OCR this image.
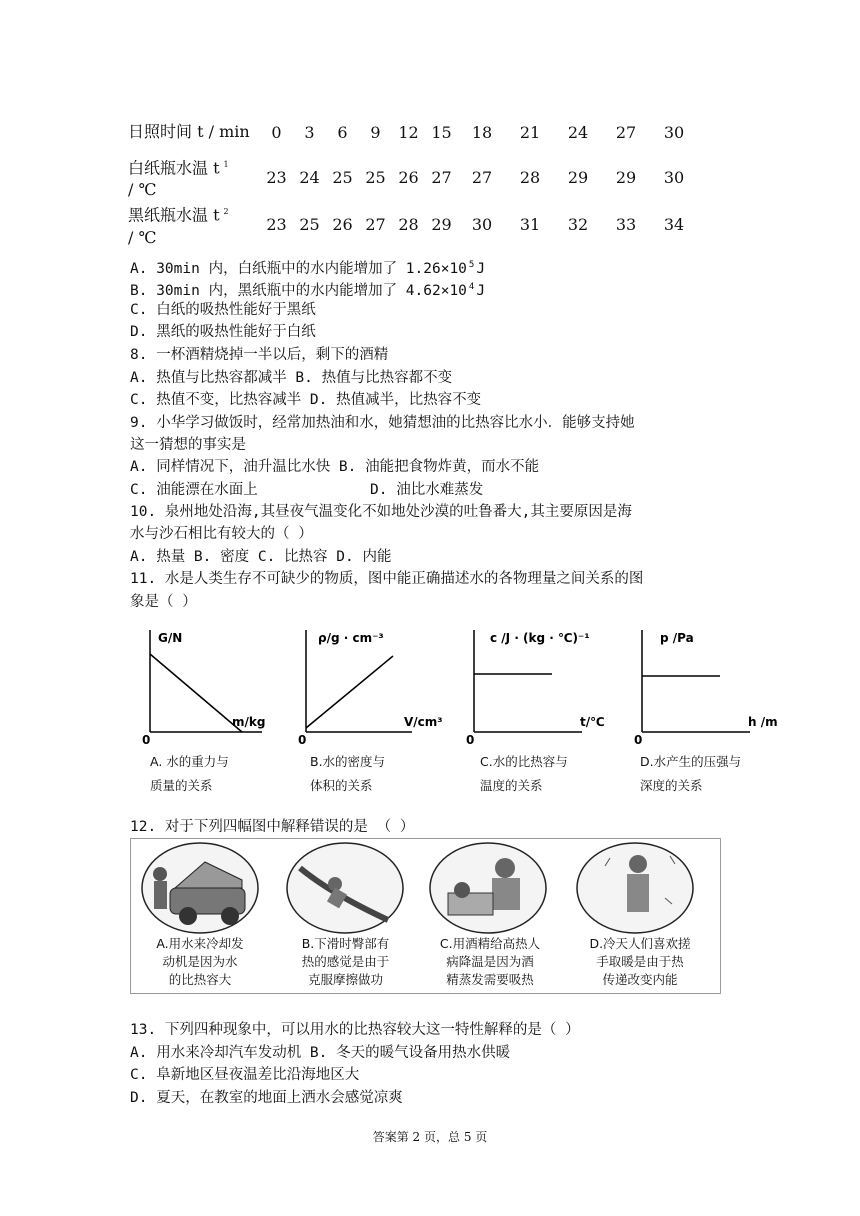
日照时间 t / min	0	3	6	9	12	15	18	21	24	27	30
白纸瓶水温 t $^1$
/ ℃	23	24	25	25	26	27	27	28	29	29	30
黑纸瓶水温 t $^2$
/ ℃	23	25	26	27	28	29	30	31	32	33	34
A. 30min 内，白纸瓶中的水内能增加了 1.26×10 $^5$ J
B. 30min 内，黑纸瓶中的水内能增加了 4.62×10 $^4$ J
C. 白纸的吸热性能好于黑纸
D. 黑纸的吸热性能好于白纸
8. 一杯酒精烧掉一半以后，剩下的酒精
A. 热值与比热容都减半 B. 热值与比热容都不变
C. 热值不变，比热容减半 D. 热值减半，比热容不变
9. 小华学习做饭时，经常加热油和水，她猜想油的比热容比水小．能够支持她
这一猜想的事实是
A. 同样情况下，油升温比水快 B. 油能把食物炸黄，而水不能
C. 油能漂在水面上	D. 油比水难蒸发
10. 泉州地处沿海,其昼夜气温变化不如地处沙漠的吐鲁番大,其主要原因是海
水与沙石相比有较大的（ ）
A. 热量 B. 密度 C. 比热容 D. 内能
11. 水是人类生存不可缺少的物质，图中能正确描述水的各物理量之间关系的图
象是（ ）
G/N
m/kg
0
ρ/g · cm⁻³
V/cm³
0
c /J · (kg · ℃)⁻¹
t/℃
0
p /Pa
h /m
0
A. 水的重力与
质量的关系
B.水的密度与
体积的关系
C.水的比热容与
温度的关系
D.水产生的压强与
深度的关系
12. 对于下列四幅图中解释错误的是 （ ）
A.用水来冷却发
动机是因为水
的比热容大
B.下滑时臀部有
热的感觉是由于
克服摩擦做功
C.用酒精给高热人
病降温是因为酒
精蒸发需要吸热
D.冷天人们喜欢搓
手取暖是由于热
传递改变内能
13. 下列四种现象中，可以用水的比热容较大这一特性解释的是（ ）
A. 用水来冷却汽车发动机 B. 冬天的暖气设备用热水供暖
C. 阜新地区昼夜温差比沿海地区大
D. 夏天，在教室的地面上洒水会感觉凉爽
答案第 2 页，总 5 页
